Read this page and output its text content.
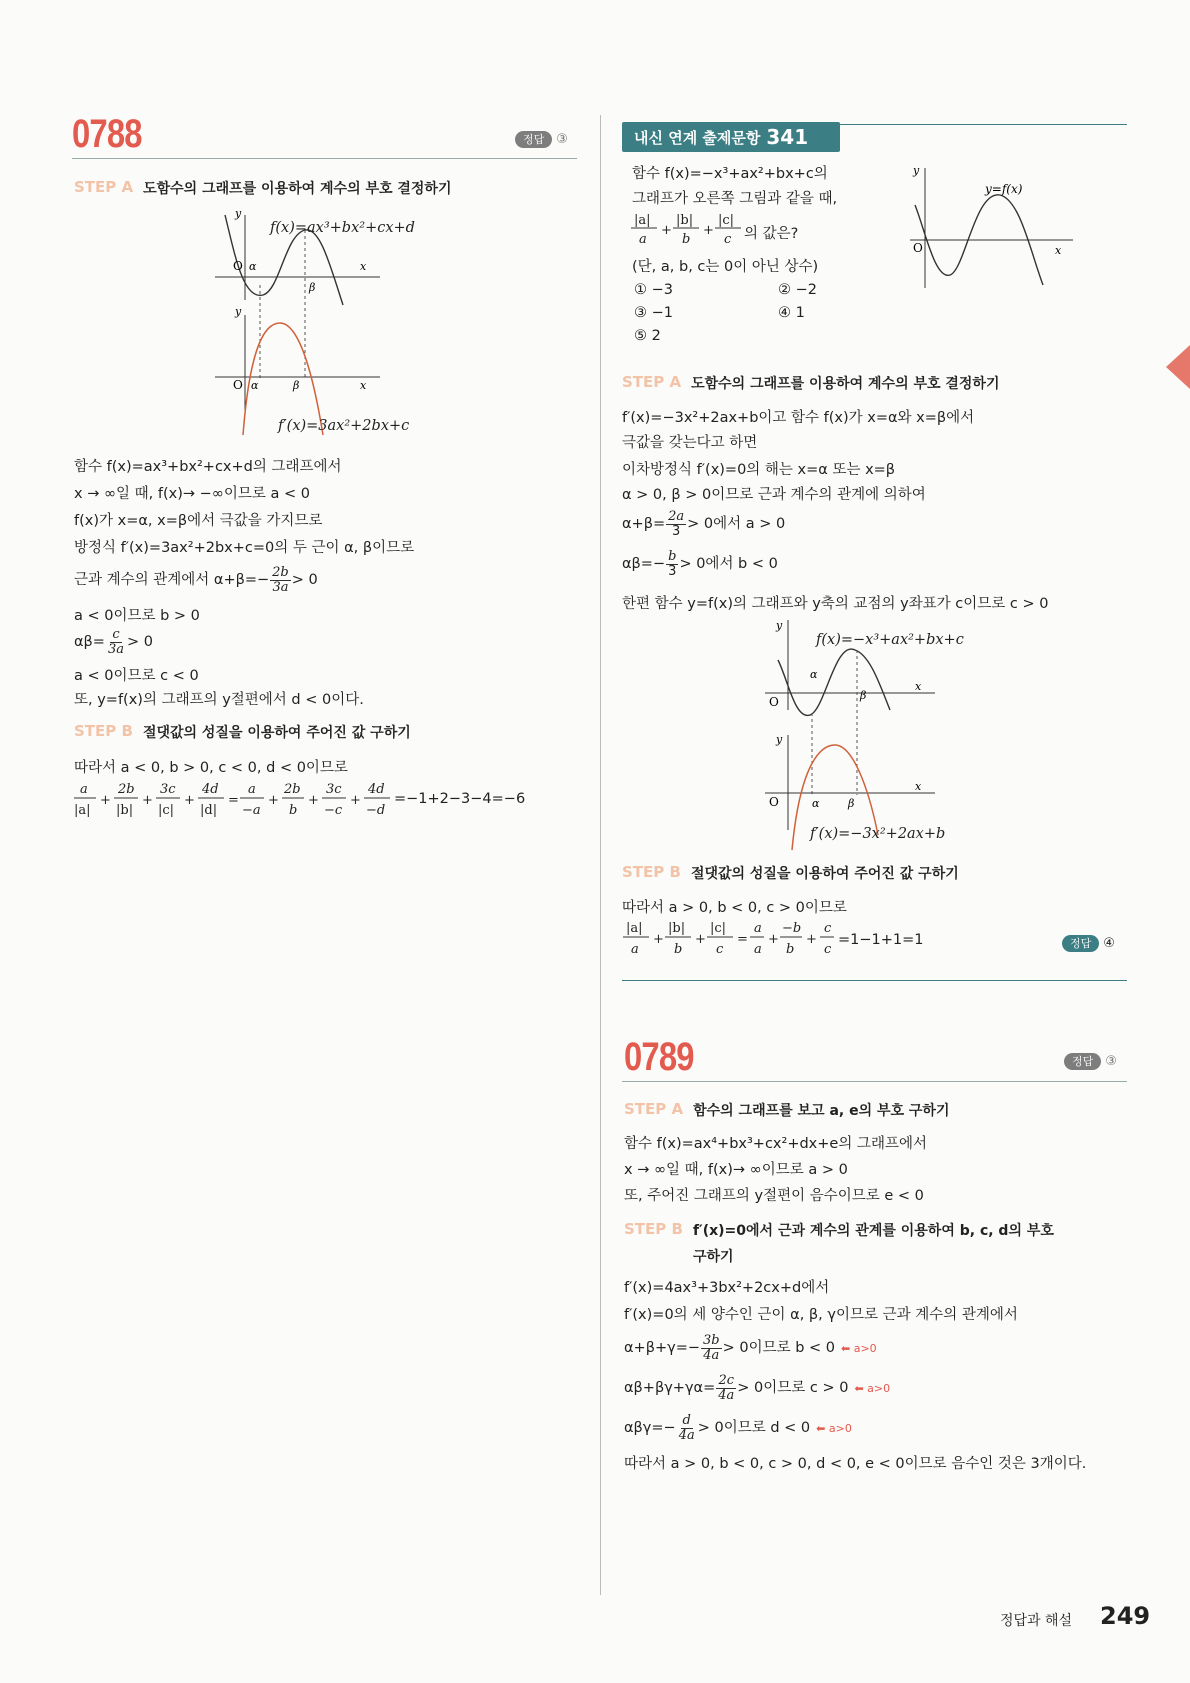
0788	정답 ③
STEP A 도함수의 그래프를 이용하여 계수의 부호 결정하기
y
x
O α
β
y
x
O α	β
f(x)=ax³+bx²+cx+d
f′(x)=3ax²+2bx+c
함수 f(x)=ax³+bx²+cx+d의 그래프에서
x → ∞일 때, f(x)→ −∞이므로 a < 0
f(x)가 x=α, x=β에서 극값을 가지므로
방정식 f′(x)=3ax²+2bx+c=0의 두 근이 α, β이므로
근과 계수의 관계에서 $\alpha+\beta=- \frac{2b}{3a} > 0$
a < 0이므로 b > 0
$\alpha\beta= \frac{c}{3a} > 0$
a < 0이므로 c < 0
또, y=f(x)의 그래프의 y절편에서 d < 0이다.
STEP B 절댓값의 성질을 이용하여 주어진 값 구하기
따라서 a < 0, b > 0, c < 0, d < 0이므로
a
|a|
+
2b
|b|
+
3c
|c|
+
4d
|d|
=
a
−a
+
2b
b
+
3c
−c
+
4d
−d
=−1+2−3−4=−6
내신 연계 출제문항 341
함수 f(x)=−x³+ax²+bx+c의
그래프가 오른쪽 그림과 같을 때,
|a|
a
+
|b|
b
+
|c|
c 의 값은?
(단, a, b, c는 0이 아닌 상수)
① −3	② −2
③ −1	④ 1
⑤ 2
O
y
x
y=f(x)
STEP A 도함수의 그래프를 이용하여 계수의 부호 결정하기
f′(x)=−3x²+2ax+b이고 함수 f(x)가 x=α와 x=β에서
극값을 갖는다고 하면
이차방정식 f′(x)=0의 해는 x=α 또는 x=β
α > 0, β > 0이므로 근과 계수의 관계에 의하여
$\alpha+\beta= \frac{2a}{3} > 0$에서 a > 0
$\alpha\beta=- \frac{b}{3} > 0$에서 b < 0
한편 함수 y=f(x)의 그래프와 y축의 교점의 y좌표가 c이므로 c > 0
y
x
O
α
β
y
x
O	α	β
f(x)=−x³+ax²+bx+c
f′(x)=−3x²+2ax+b
STEP B 절댓값의 성질을 이용하여 주어진 값 구하기
따라서 a > 0, b < 0, c > 0이므로
|a|
a
+
|b|
b
+
|c|
c
=
a
a
+
−b
b
+
c
c
=1−1+1=1	정답 ④
0789	정답 ③
STEP A 함수의 그래프를 보고 a, e의 부호 구하기
함수 f(x)=ax⁴+bx³+cx²+dx+e의 그래프에서
x → ∞일 때, f(x)→ ∞이므로 a > 0
또, 주어진 그래프의 y절편이 음수이므로 e < 0
STEP B f′(x)=0에서 근과 계수의 관계를 이용하여 b, c, d의 부호
구하기
f′(x)=4ax³+3bx²+2cx+d에서
f′(x)=0의 세 양수인 근이 α, β, γ이므로 근과 계수의 관계에서
$\alpha+\beta+\gamma=- \frac{3b}{4a} > 0$이므로 b < 0 ⬅ a>0
$\alpha\beta+\beta\gamma+\gamma\alpha= \frac{2c}{4a} > 0$이므로 c > 0 ⬅ a>0
$\alpha\beta\gamma=- \frac{d}{4a} > 0$이므로 d < 0 ⬅ a>0
따라서 a > 0, b < 0, c > 0, d < 0, e < 0이므로 음수인 것은 3개이다.
정답과 해설 249
